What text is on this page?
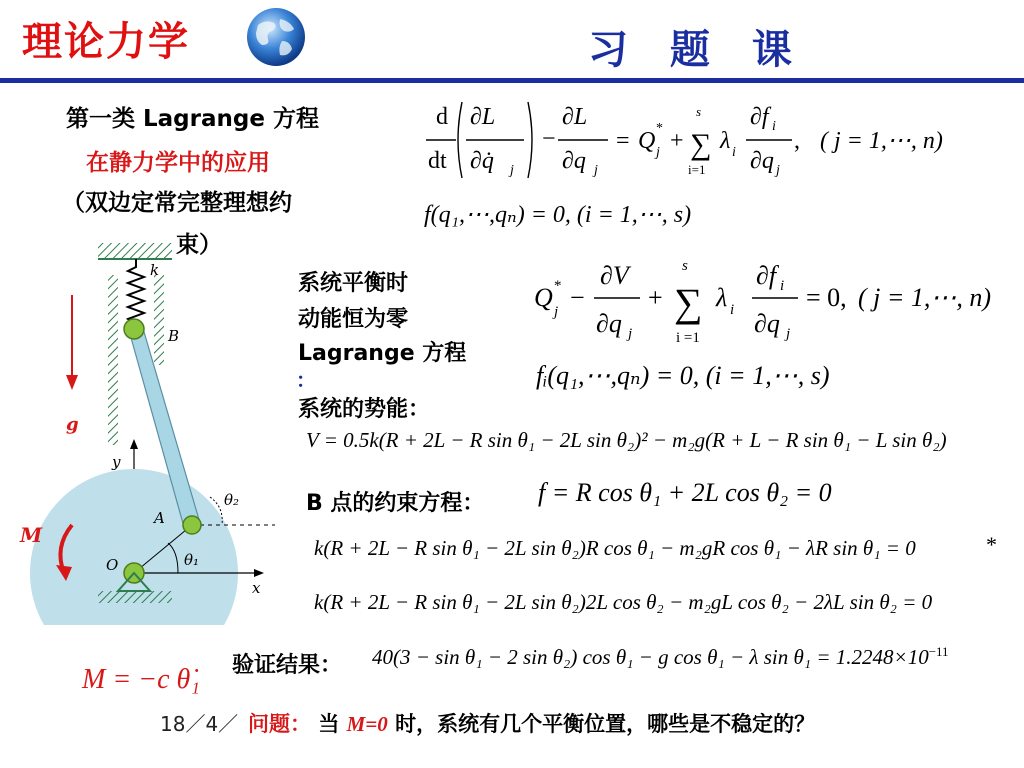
理论力学	习 题 课
第一类 Lagrange 方程
在静力学中的应用
（双边定常完整理想约
束）
d
dt
∂L
∂q̇ j
−
∂L
∂q j
= Q *
j +
s
∑
i=1
λ i
∂f i
∂q j
, ( j = 1,⋯, n)
f(q₁,⋯,qₙ) = 0, (i = 1,⋯, s)
系统平衡时
动能恒为零
Lagrange 方程
：
系统的势能：
Q *
j −
∂V
∂q j
+
s
∑
i =1
λ i
∂f i
∂q j
= 0, ( j = 1,⋯, n)
fᵢ(q₁,⋯,qₙ) = 0, (i = 1,⋯, s)
V = 0.5k(R + 2L − R sin θ₁ − 2L sin θ₂)² − m₂g(R + L − R sin θ₁ − L sin θ₂)
B 点的约束方程： f = R cos θ₁ + 2L cos θ₂ = 0
k(R + 2L − R sin θ₁ − 2L sin θ₂)R cos θ₁ − m₂gR cos θ₁ − λR sin θ₁ = 0	*
k(R + 2L − R sin θ₁ − 2L sin θ₂)2L cos θ₂ − m₂gL cos θ₂ − 2λL sin θ₂ = 0
验证结果： 40(3 − sin θ₁ − 2 sin θ₂) cos θ₁ − g cos θ₁ − λ $\sin \theta_1 = 1.2248\times 10^{-11}$
M = −c θ̇₁
18／4／ 问题： 当 M=0 时，系统有几个平衡位置，哪些是不稳定的？
k
g
y
θ₂
θ₁
x
B
A
O
M
